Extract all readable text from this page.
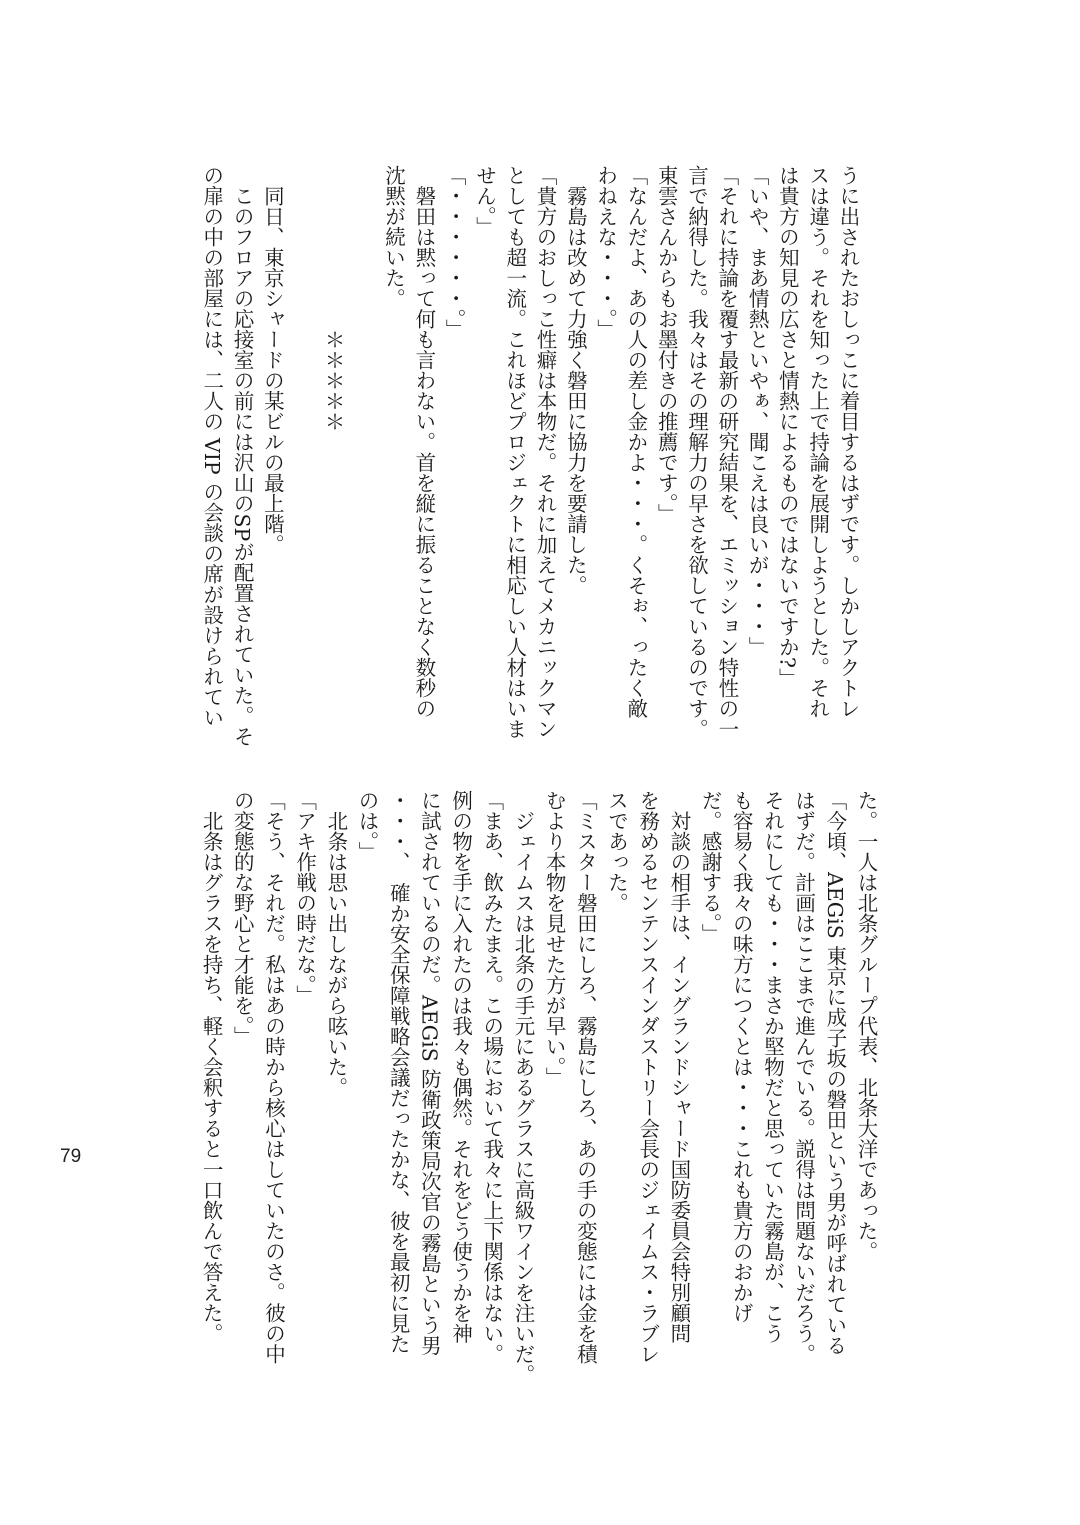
うに出されたおしっこに着目するはずです。しかしアクトレ
スは違う。それを知った上で持論を展開しようとした。それ
は貴方の知見の広さと情熱によるものではないですか?」
「いや、まあ情熱といやぁ、聞こえは良いが・・・」
「それに持論を覆す最新の研究結果を、エミッション特性の一
言で納得した。我々はその理解力の早さを欲しているのです。
東雲さんからもお墨付きの推薦です。」
「なんだよ、あの人の差し金かよ・・・。くそぉ、ったく敵
わねえな・・・。」
　霧島は改めて力強く磐田に協力を要請した。
「貴方のおしっこ性癖は本物だ。それに加えてメカニックマン
としても超一流。これほどプロジェクトに相応しい人材はいま
せん。」
「・・・・・・。」
　磐田は黙って何も言わない。首を縦に振ることなく数秒の
沈黙が続いた。
　　　　　　　　＊＊＊＊＊
　同日、東京シャードの某ビルの最上階。
　このフロアの応接室の前には沢山のSPが配置されていた。そ
の扉の中の部屋には、二人の VIP の会談の席が設けられてい
た。一人は北条グループ代表、北条大洋であった。
「今頃、AEGiS 東京に成子坂の磐田という男が呼ばれている
はずだ。計画はここまで進んでいる。説得は問題ないだろう。
それにしても・・・まさか堅物だと思っていた霧島が、こう
も容易く我々の味方につくとは・・・これも貴方のおかげ
だ。感謝する。」
　対談の相手は、イングランドシャード国防委員会特別顧問
を務めるセンテンスインダストリー会長のジェイムス・ラブレ
スであった。
「ミスター磐田にしろ、霧島にしろ、あの手の変態には金を積
むより本物を見せた方が早い。」
　ジェイムスは北条の手元にあるグラスに高級ワインを注いだ。
「まあ、飲みたまえ。この場において我々に上下関係はない。
例の物を手に入れたのは我々も偶然。それをどう使うかを神
に試されているのだ。AEGiS 防衛政策局次官の霧島という男
・・・、　確か安全保障戦略会議だったかな、彼を最初に見た
のは。」
　北条は思い出しながら呟いた。
「アキ作戦の時だな。」
「そう、それだ。私はあの時から核心はしていたのさ。彼の中
の変態的な野心と才能を。」
　北条はグラスを持ち、軽く会釈すると一口飲んで答えた。
79
